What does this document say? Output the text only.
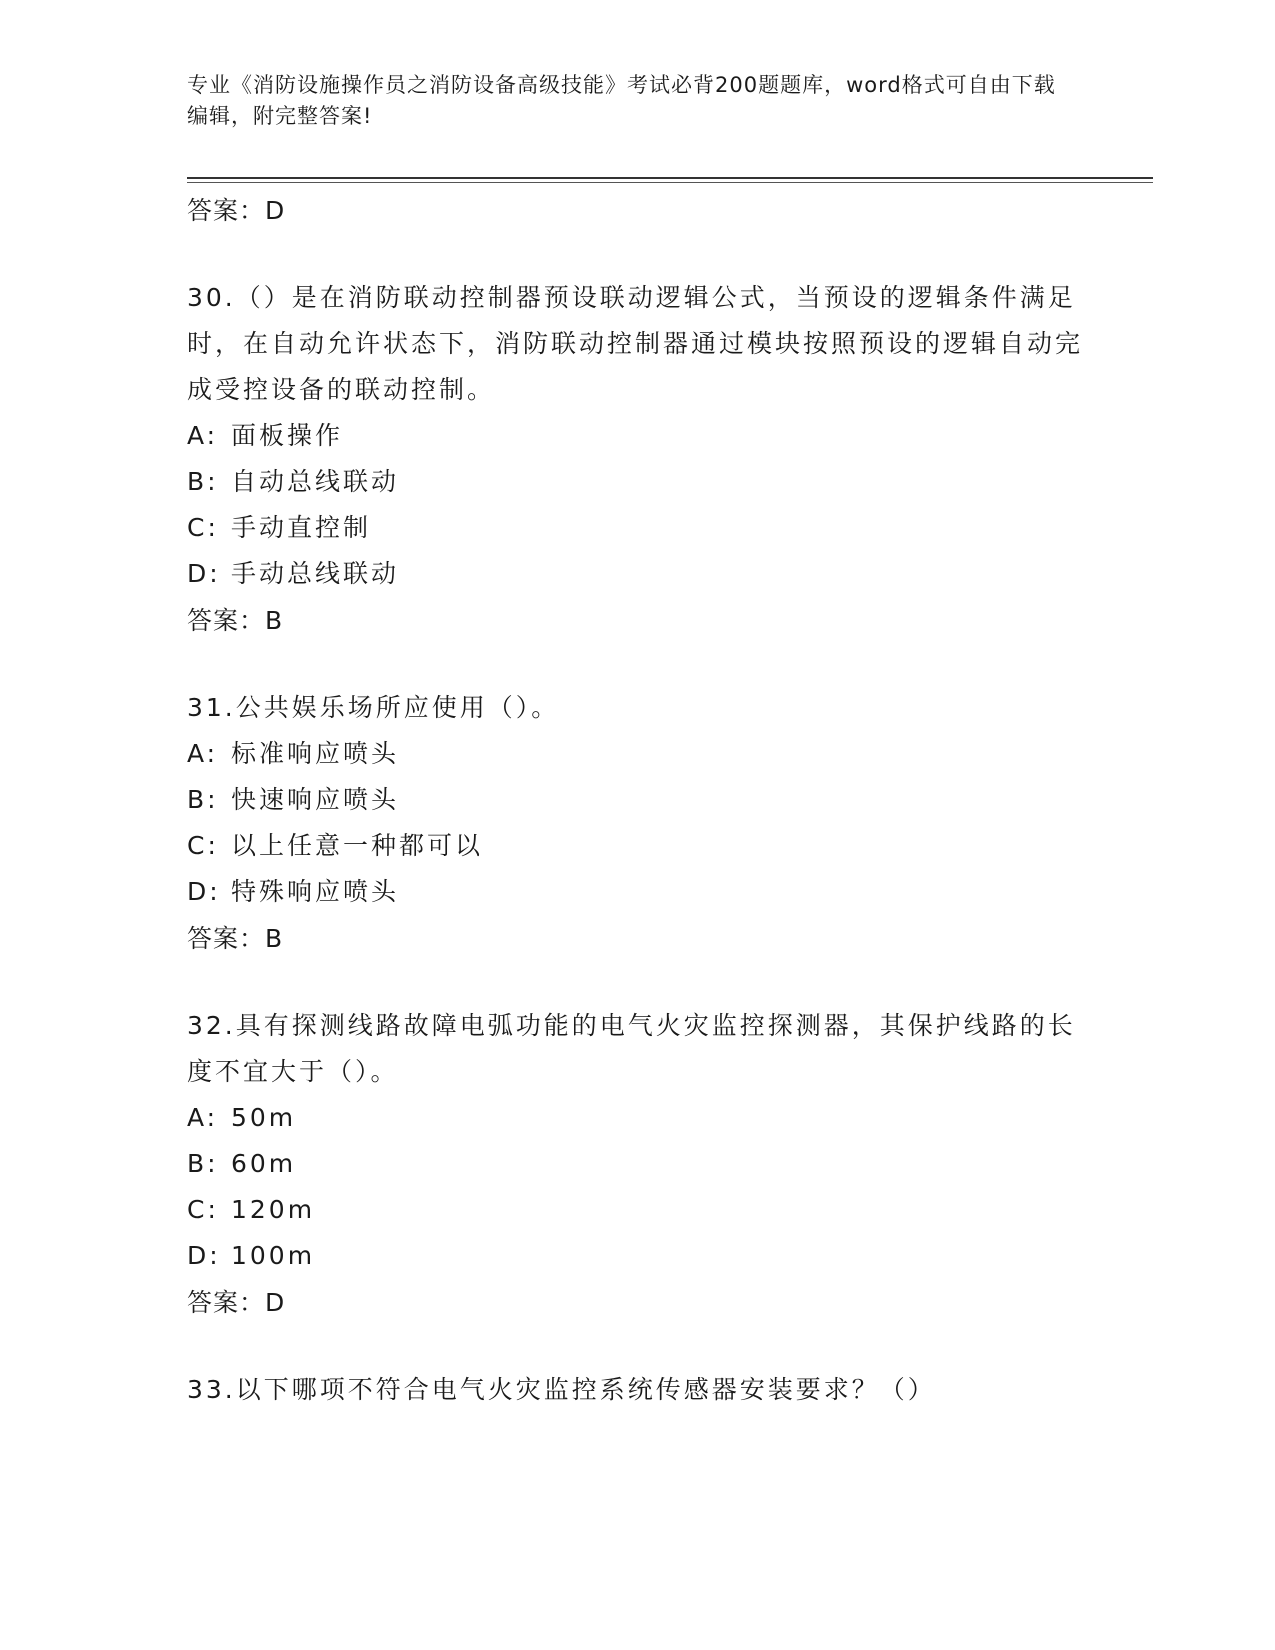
专业《消防设施操作员之消防设备高级技能》考试必背200题题库，word格式可自由下载编辑，附完整答案!
答案：D

30.（）是在消防联动控制器预设联动逻辑公式，当预设的逻辑条件满足时，在自动允许状态下，消防联动控制器通过模块按照预设的逻辑自动完成受控设备的联动控制。

A: 面板操作
B: 自动总线联动
C: 手动直控制
D: 手动总线联动
答案：B

31.公共娱乐场所应使用（）。

A: 标准响应喷头
B: 快速响应喷头
C: 以上任意一种都可以
D: 特殊响应喷头
答案：B

32.具有探测线路故障电弧功能的电气火灾监控探测器，其保护线路的长度不宜大于（）。

A: 50m
B: 60m
C: 120m
D: 100m
答案：D

33.以下哪项不符合电气火灾监控系统传感器安装要求？（）
